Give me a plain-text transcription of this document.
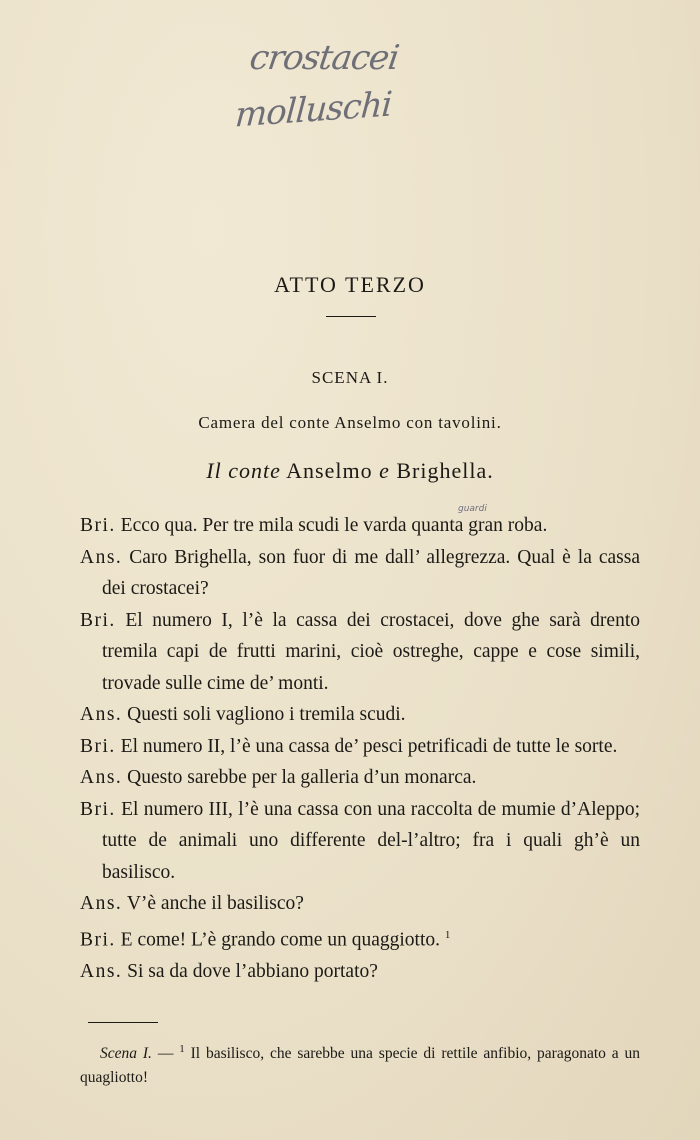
crostacei
molluschi
ATTO TERZO
SCENA I.
Camera del conte Anselmo con tavolini.
Il conte Anselmo e Brighella.
Bri. Ecco qua. Per tre mila scudi le varda quanta gran roba.
Ans. Caro Brighella, son fuor di me dall’ allegrezza. Qual è la cassa dei crostacei?
Bri. El numero I, l’è la cassa dei crostacei, dove ghe sarà drento tremila capi de frutti marini, cioè ostreghe, cappe e cose simili, trovade sulle cime de’ monti.
Ans. Questi soli vagliono i tremila scudi.
Bri. El numero II, l’è una cassa de’ pesci petrificadi de tutte le sorte.
Ans. Questo sarebbe per la galleria d’un monarca.
Bri. El numero III, l’è una cassa con una raccolta de mumie d’Aleppo; tutte de animali uno differente del-l’altro; fra i quali gh’è un basilisco.
Ans. V’è anche il basilisco?
Bri. E come! L’è grando come un quaggiotto. $^1$
Ans. Si sa da dove l’abbiano portato?
guardi
Scena I. — $^1$ Il basilisco, che sarebbe una specie di rettile anfibio, paragonato a un quagliotto!
